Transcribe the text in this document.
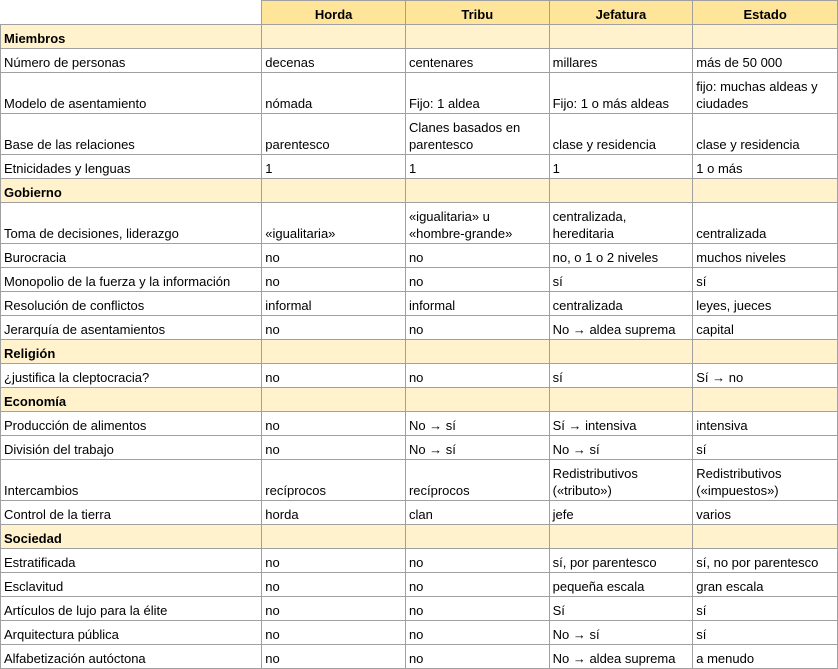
	Horda	Tribu	Jefatura	Estado
Miembros				
Número de personas	decenas	centenares	millares	más de 50 000
Modelo de asentamiento	nómada	Fijo: 1 aldea	Fijo: 1 o más aldeas	fijo: muchas aldeas y ciudades
Base de las relaciones	parentesco	Clanes basados en parentesco	clase y residencia	clase y residencia
Etnicidades y lenguas	1	1	1	1 o más
Gobierno				
Toma de decisiones, liderazgo	«igualitaria»	«igualitaria» u «hombre-grande»	centralizada, hereditaria	centralizada
Burocracia	no	no	no, o 1 o 2 niveles	muchos niveles
Monopolio de la fuerza y la información	no	no	sí	sí
Resolución de conflictos	informal	informal	centralizada	leyes, jueces
Jerarquía de asentamientos	no	no	No → aldea suprema	capital
Religión				
¿justifica la cleptocracia?	no	no	sí	Sí → no
Economía				
Producción de alimentos	no	No → sí	Sí → intensiva	intensiva
División del trabajo	no	No → sí	No → sí	sí
Intercambios	recíprocos	recíprocos	Redistributivos («tributo»)	Redistributivos («impuestos»)
Control de la tierra	horda	clan	jefe	varios
Sociedad				
Estratificada	no	no	sí, por parentesco	sí, no por parentesco
Esclavitud	no	no	pequeña escala	gran escala
Artículos de lujo para la élite	no	no	Sí	sí
Arquitectura pública	no	no	No → sí	sí
Alfabetización autóctona	no	no	No → aldea suprema	a menudo
